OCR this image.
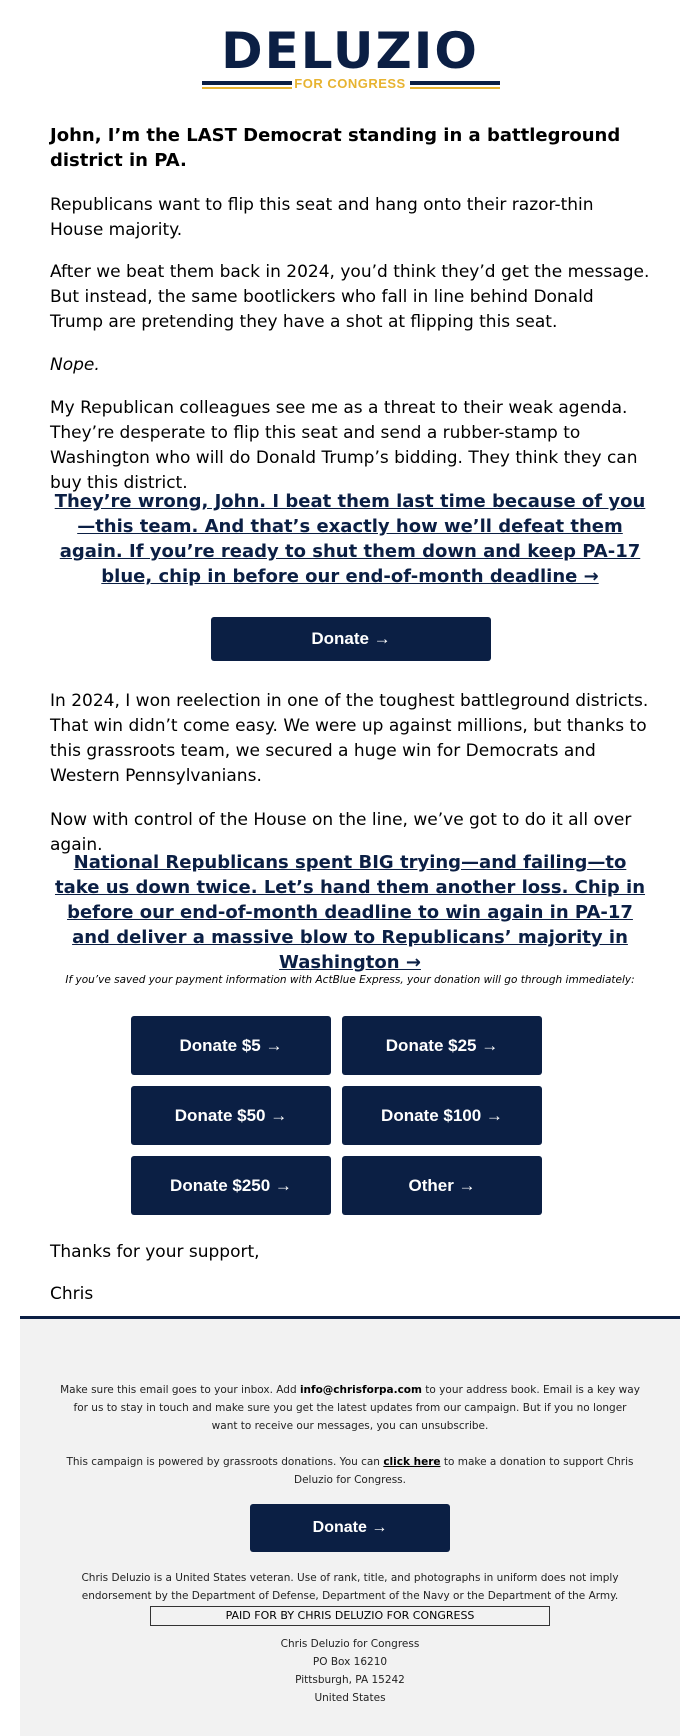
DELUZIO
FOR CONGRESS
John, I’m the LAST Democrat standing in a battleground district in PA.
Republicans want to flip this seat and hang onto their razor-thin House majority.
After we beat them back in 2024, you’d think they’d get the message. But instead, the same bootlickers who fall in line behind Donald Trump are pretending they have a shot at flipping this seat.
Nope.
My Republican colleagues see me as a threat to their weak agenda. They’re desperate to flip this seat and send a rubber-stamp to Washington who will do Donald Trump’s bidding. They think they can buy this district.
They’re wrong, John. I beat them last time because of you—this team. And that’s exactly how we’ll defeat them again. If you’re ready to shut them down and keep PA-17 blue, chip in before our end-of-month deadline →
Donate →
In 2024, I won reelection in one of the toughest battleground districts. That win didn’t come easy. We were up against millions, but thanks to this grassroots team, we secured a huge win for Democrats and Western Pennsylvanians.
Now with control of the House on the line, we’ve got to do it all over again.
National Republicans spent BIG trying—and failing—to take us down twice. Let’s hand them another loss. Chip in before our end-of-month deadline to win again in PA-17 and deliver a massive blow to Republicans’ majority in Washington →
If you’ve saved your payment information with ActBlue Express, your donation will go through immediately:
Donate $5 →	Donate $25 →
Donate $50 →	Donate $100 →
Donate $250 →	Other →
Thanks for your support,
Chris
Make sure this email goes to your inbox. Add info@chrisforpa.com to your address book. Email is a key way for us to stay in touch and make sure you get the latest updates from our campaign. But if you no longer want to receive our messages, you can unsubscribe.
This campaign is powered by grassroots donations. You can click here to make a donation to support Chris Deluzio for Congress.
Donate →
Chris Deluzio is a United States veteran. Use of rank, title, and photographs in uniform does not imply endorsement by the Department of Defense, Department of the Navy or the Department of the Army.
PAID FOR BY CHRIS DELUZIO FOR CONGRESS
Chris Deluzio for Congress
PO Box 16210
Pittsburgh, PA 15242
United States
